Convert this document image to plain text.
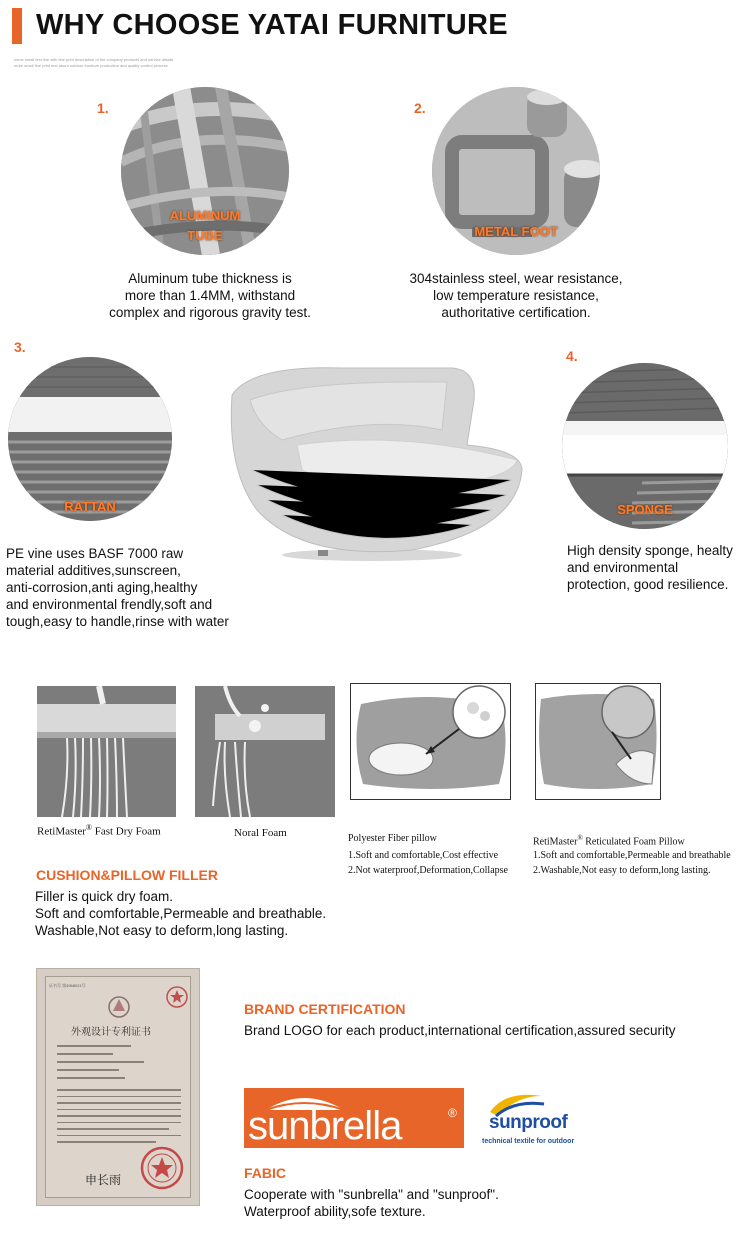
WHY CHOOSE YATAI FURNITURE
some small text line with fine print description of the company products and service details
more small fine print text about outdoor furniture production and quality control process
1.
ALUMINUM
TUBE
Aluminum tube thickness is
more than 1.4MM, withstand
complex and rigorous gravity test.
2.
METAL FOOT
304stainless steel, wear resistance,
low temperature resistance,
authoritative certification.
3.
RATTAN
PE vine uses BASF 7000 raw
material additives,sunscreen,
anti-corrosion,anti aging,healthy
and environmental frendly,soft and
tough,easy to handle,rinse with water
4.
SPONGE
High density sponge, healty
and environmental
protection, good resilience.
RetiMaster® Fast Dry Foam	Noral Foam	Polyester Fiber pillow
1.Soft and comfortable,Cost effective
2.Not waterproof,Deformation,Collapse
RetiMaster® Reticulated Foam Pillow
1.Soft and comfortable,Permeable and breathable
2.Washable,Not easy to deform,long lasting.
CUSHION&PILLOW FILLER
Filler is quick dry foam.
Soft and comfortable,Permeable and breathable.
Washable,Not easy to deform,long lasting.
证书号 第4968021号
外观设计专利证书
申长雨
BRAND CERTIFICATION
Brand LOGO for each product,international certification,assured security
sunbrella	® sunproof
technical textile for outdoor
FABIC
Cooperate with "sunbrella" and "sunproof".
Waterproof ability,sofe texture.
